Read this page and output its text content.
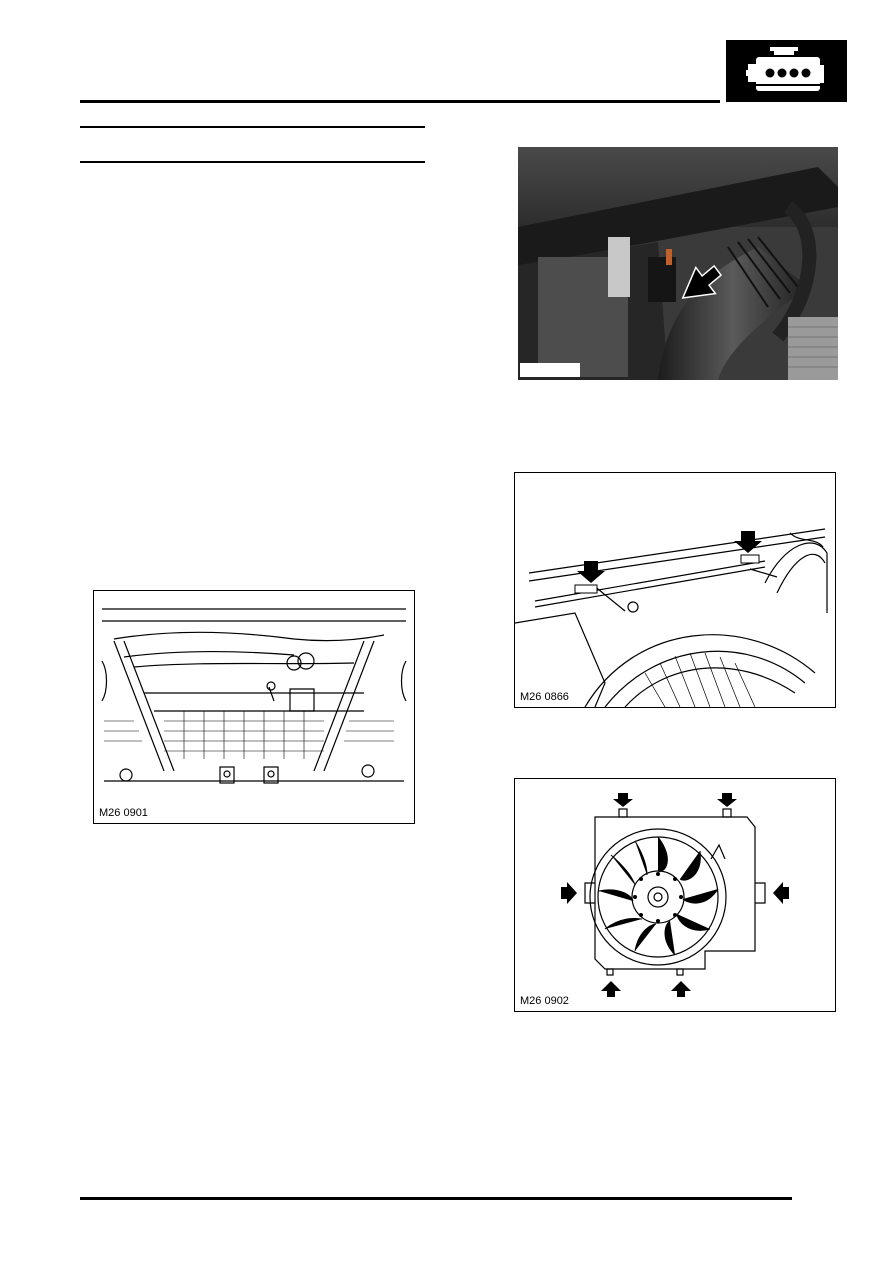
M26 0866
M26 0901
M26 0902
